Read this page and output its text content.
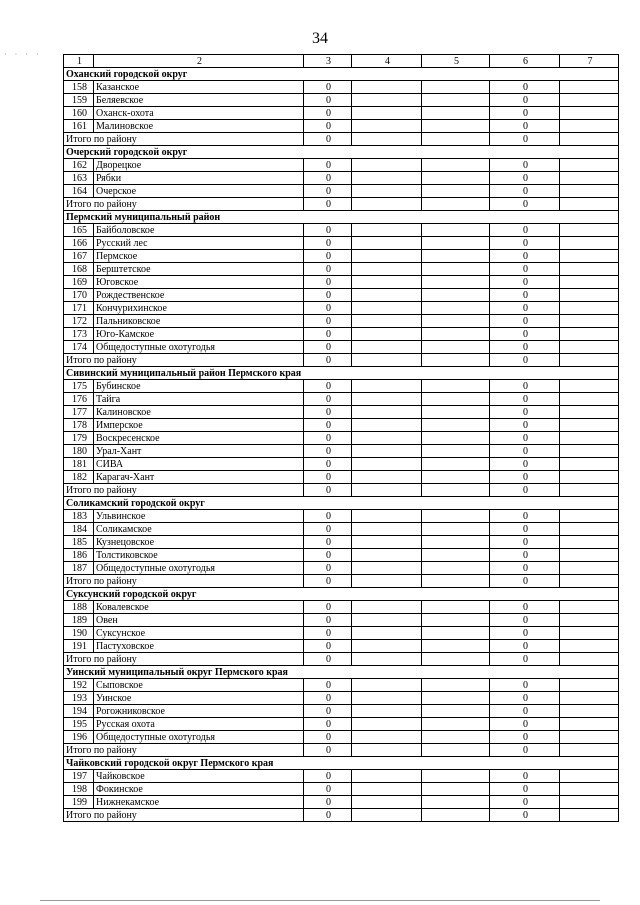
34
· · · ·
1	2	3	4	5	6	7
Оханский городской округ						
158	Казанское	0			0	
159	Беляевское	0			0	
160	Оханск-охота	0			0	
161	Малиновское	0			0	
Итого по району		0			0	
Очерский городской округ						
162	Дворецкое	0			0	
163	Рябки	0			0	
164	Очерское	0			0	
Итого по району		0			0	
Пермский муниципальный район						
165	Байболовское	0			0	
166	Русский лес	0			0	
167	Пермское	0			0	
168	Берштетское	0			0	
169	Юговское	0			0	
170	Рождественское	0			0	
171	Кончурихинское	0			0	
172	Пальниковское	0			0	
173	Юго-Камское	0			0	
174	Общедоступные охотугодья	0			0	
Итого по району		0			0	
Сивинский муниципальный район Пермского края						
175	Бубинское	0			0	
176	Тайга	0			0	
177	Калиновское	0			0	
178	Имперское	0			0	
179	Воскресенское	0			0	
180	Урал-Хант	0			0	
181	СИВА	0			0	
182	Карагач-Хант	0			0	
Итого по району		0			0	
Соликамский городской округ						
183	Ульвинское	0			0	
184	Соликамское	0			0	
185	Кузнецовское	0			0	
186	Толстиковское	0			0	
187	Общедоступные охотугодья	0			0	
Итого по району		0			0	
Суксунский городской округ						
188	Ковалевское	0			0	
189	Овен	0			0	
190	Суксунское	0			0	
191	Пастуховское	0			0	
Итого по району		0			0	
Уинский муниципальный округ Пермского края						
192	Сыповское	0			0	
193	Уинское	0			0	
194	Рогожниковское	0			0	
195	Русская охота	0			0	
196	Общедоступные охотугодья	0			0	
Итого по району		0			0	
Чайковский городской округ Пермского края						
197	Чайковское	0			0	
198	Фокинское	0			0	
199	Нижнекамское	0			0	
Итого по району		0			0	
